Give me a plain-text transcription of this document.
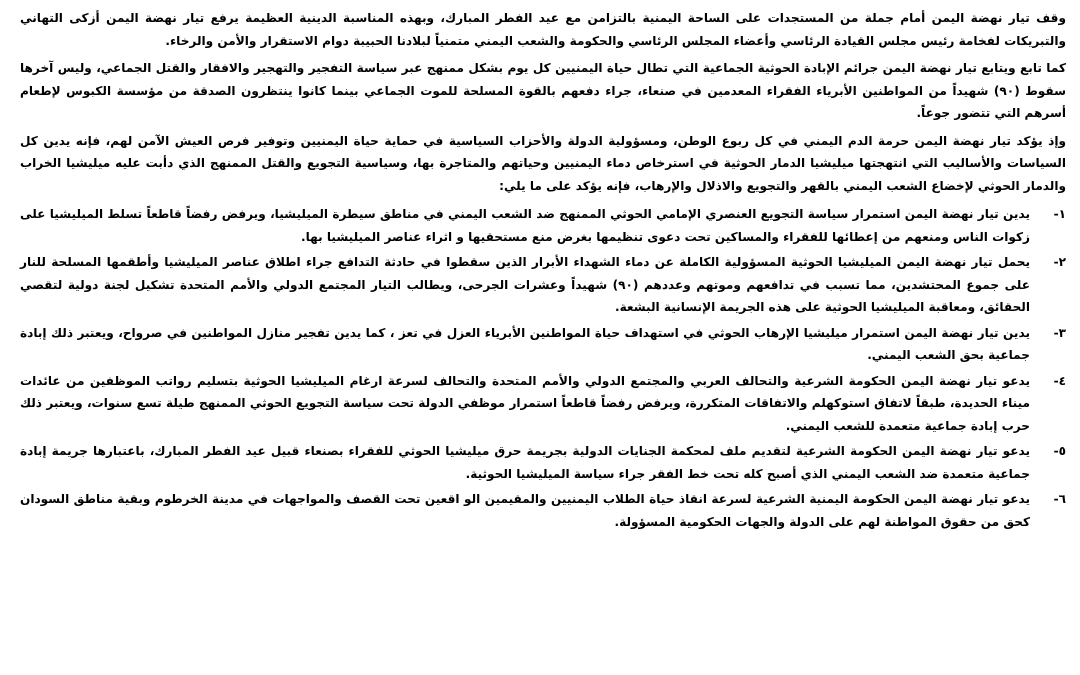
وقف تيار نهضة اليمن أمام جملة من المستجدات على الساحة اليمنية بالتزامن مع عيد الفطر المبارك، وبهذه المناسبة الدينية العظيمة يرفع تيار نهضة اليمن أزكى التهاني والتبريكات لفخامة رئيس مجلس القيادة الرئاسي وأعضاء المجلس الرئاسي والحكومة والشعب اليمني متمنياً لبلادنا الحبيبة دوام الاستقرار والأمن والرخاء.

كما تابع ويتابع تيار نهضة اليمن جرائم الإبادة الحوثية الجماعية التي تطال حياة اليمنيين كل يوم بشكل ممنهج عبر سياسة التفجير والتهجير والافقار والقتل الجماعي، وليس آخرها سقوط (٩٠) شهيداً من المواطنين الأبرياء الفقراء المعدمين في صنعاء، جراء دفعهم بالقوة المسلحة للموت الجماعي بينما كانوا ينتظرون الصدقة من مؤسسة الكبوس لإطعام أسرهم التي تتضور جوعاً.

وإذ يؤكد تيار نهضة اليمن حرمة الدم اليمني في كل ربوع الوطن، ومسؤولية الدولة والأحزاب السياسية في حماية حياة اليمنيين وتوفير فرص العيش الآمن لهم، فإنه يدين كل السياسات والأساليب التي انتهجتها ميليشيا الدمار الحوثية في استرخاص دماء اليمنيين وحياتهم والمتاجرة بها، وسياسية التجويع والقتل الممنهج الذي دأبت عليه ميليشيا الخراب والدمار الحوثي لإخضاع الشعب اليمني بالقهر والتجويع والاذلال والإرهاب، فإنه يؤكد على ما يلي:

١-
يدين تيار نهضة اليمن استمرار سياسة التجويع العنصري الإمامي الحوثي الممنهج ضد الشعب اليمني في مناطق سيطرة الميليشيا، ويرفض رفضاً قاطعاً تسلط الميليشيا على زكوات الناس ومنعهم من إعطائها للفقراء والمساكين تحت دعوى تنظيمها بغرض منع مستحقيها و اثراء عناصر الميليشيا بها.
٢-
يحمل تيار نهضة اليمن الميليشيا الحوثية المسؤولية الكاملة عن دماء الشهداء الأبرار الذين سقطوا في حادثة التدافع جراء اطلاق عناصر الميليشيا وأطقمها المسلحة للنار على جموع المحتشدين، مما تسبب في تدافعهم وموتهم وعددهم (٩٠) شهيداً وعشرات الجرحى، ويطالب التيار المجتمع الدولي والأمم المتحدة تشكيل لجنة دولية لتقصي الحقائق، ومعاقبة الميليشيا الحوثية على هذه الجريمة الإنسانية البشعة.
٣-
يدين تيار نهضة اليمن استمرار ميليشيا الإرهاب الحوثي في استهداف حياة المواطنين الأبرياء العزل في تعز ، كما يدين تفجير منازل المواطنين في صرواح، ويعتبر ذلك إبادة جماعية بحق الشعب اليمني.
٤-
يدعو تيار نهضة اليمن الحكومة الشرعية والتحالف العربي والمجتمع الدولي والأمم المتحدة والتحالف لسرعة ارغام الميليشيا الحوثية بتسليم رواتب الموظفين من عائدات ميناء الحديدة، طبقاً لاتفاق استوكهلم والاتفاقات المتكررة، ويرفض رفضاً قاطعاً استمرار موظفي الدولة تحت سياسة التجويع الحوثي الممنهج طيلة تسع سنوات، ويعتبر ذلك حرب إبادة جماعية متعمدة للشعب اليمني.
٥-
يدعو تيار نهضة اليمن الحكومة الشرعية لتقديم ملف لمحكمة الجنايات الدولية بجريمة حرق ميليشيا الحوثي للفقراء بصنعاء قبيل عيد الفطر المبارك، باعتبارها جريمة إبادة جماعية متعمدة ضد الشعب اليمني الذي أصبح كله تحت خط الفقر جراء سياسة الميليشيا الحوثية.
٦-
يدعو تيار نهضة اليمن الحكومة اليمنية الشرعية لسرعة انقاذ حياة الطلاب اليمنيين والمقيمين الو اقعين تحت القصف والمواجهات في مدينة الخرطوم وبقية مناطق السودان كحق من حقوق المواطنة لهم على الدولة والجهات الحكومية المسؤولة.
